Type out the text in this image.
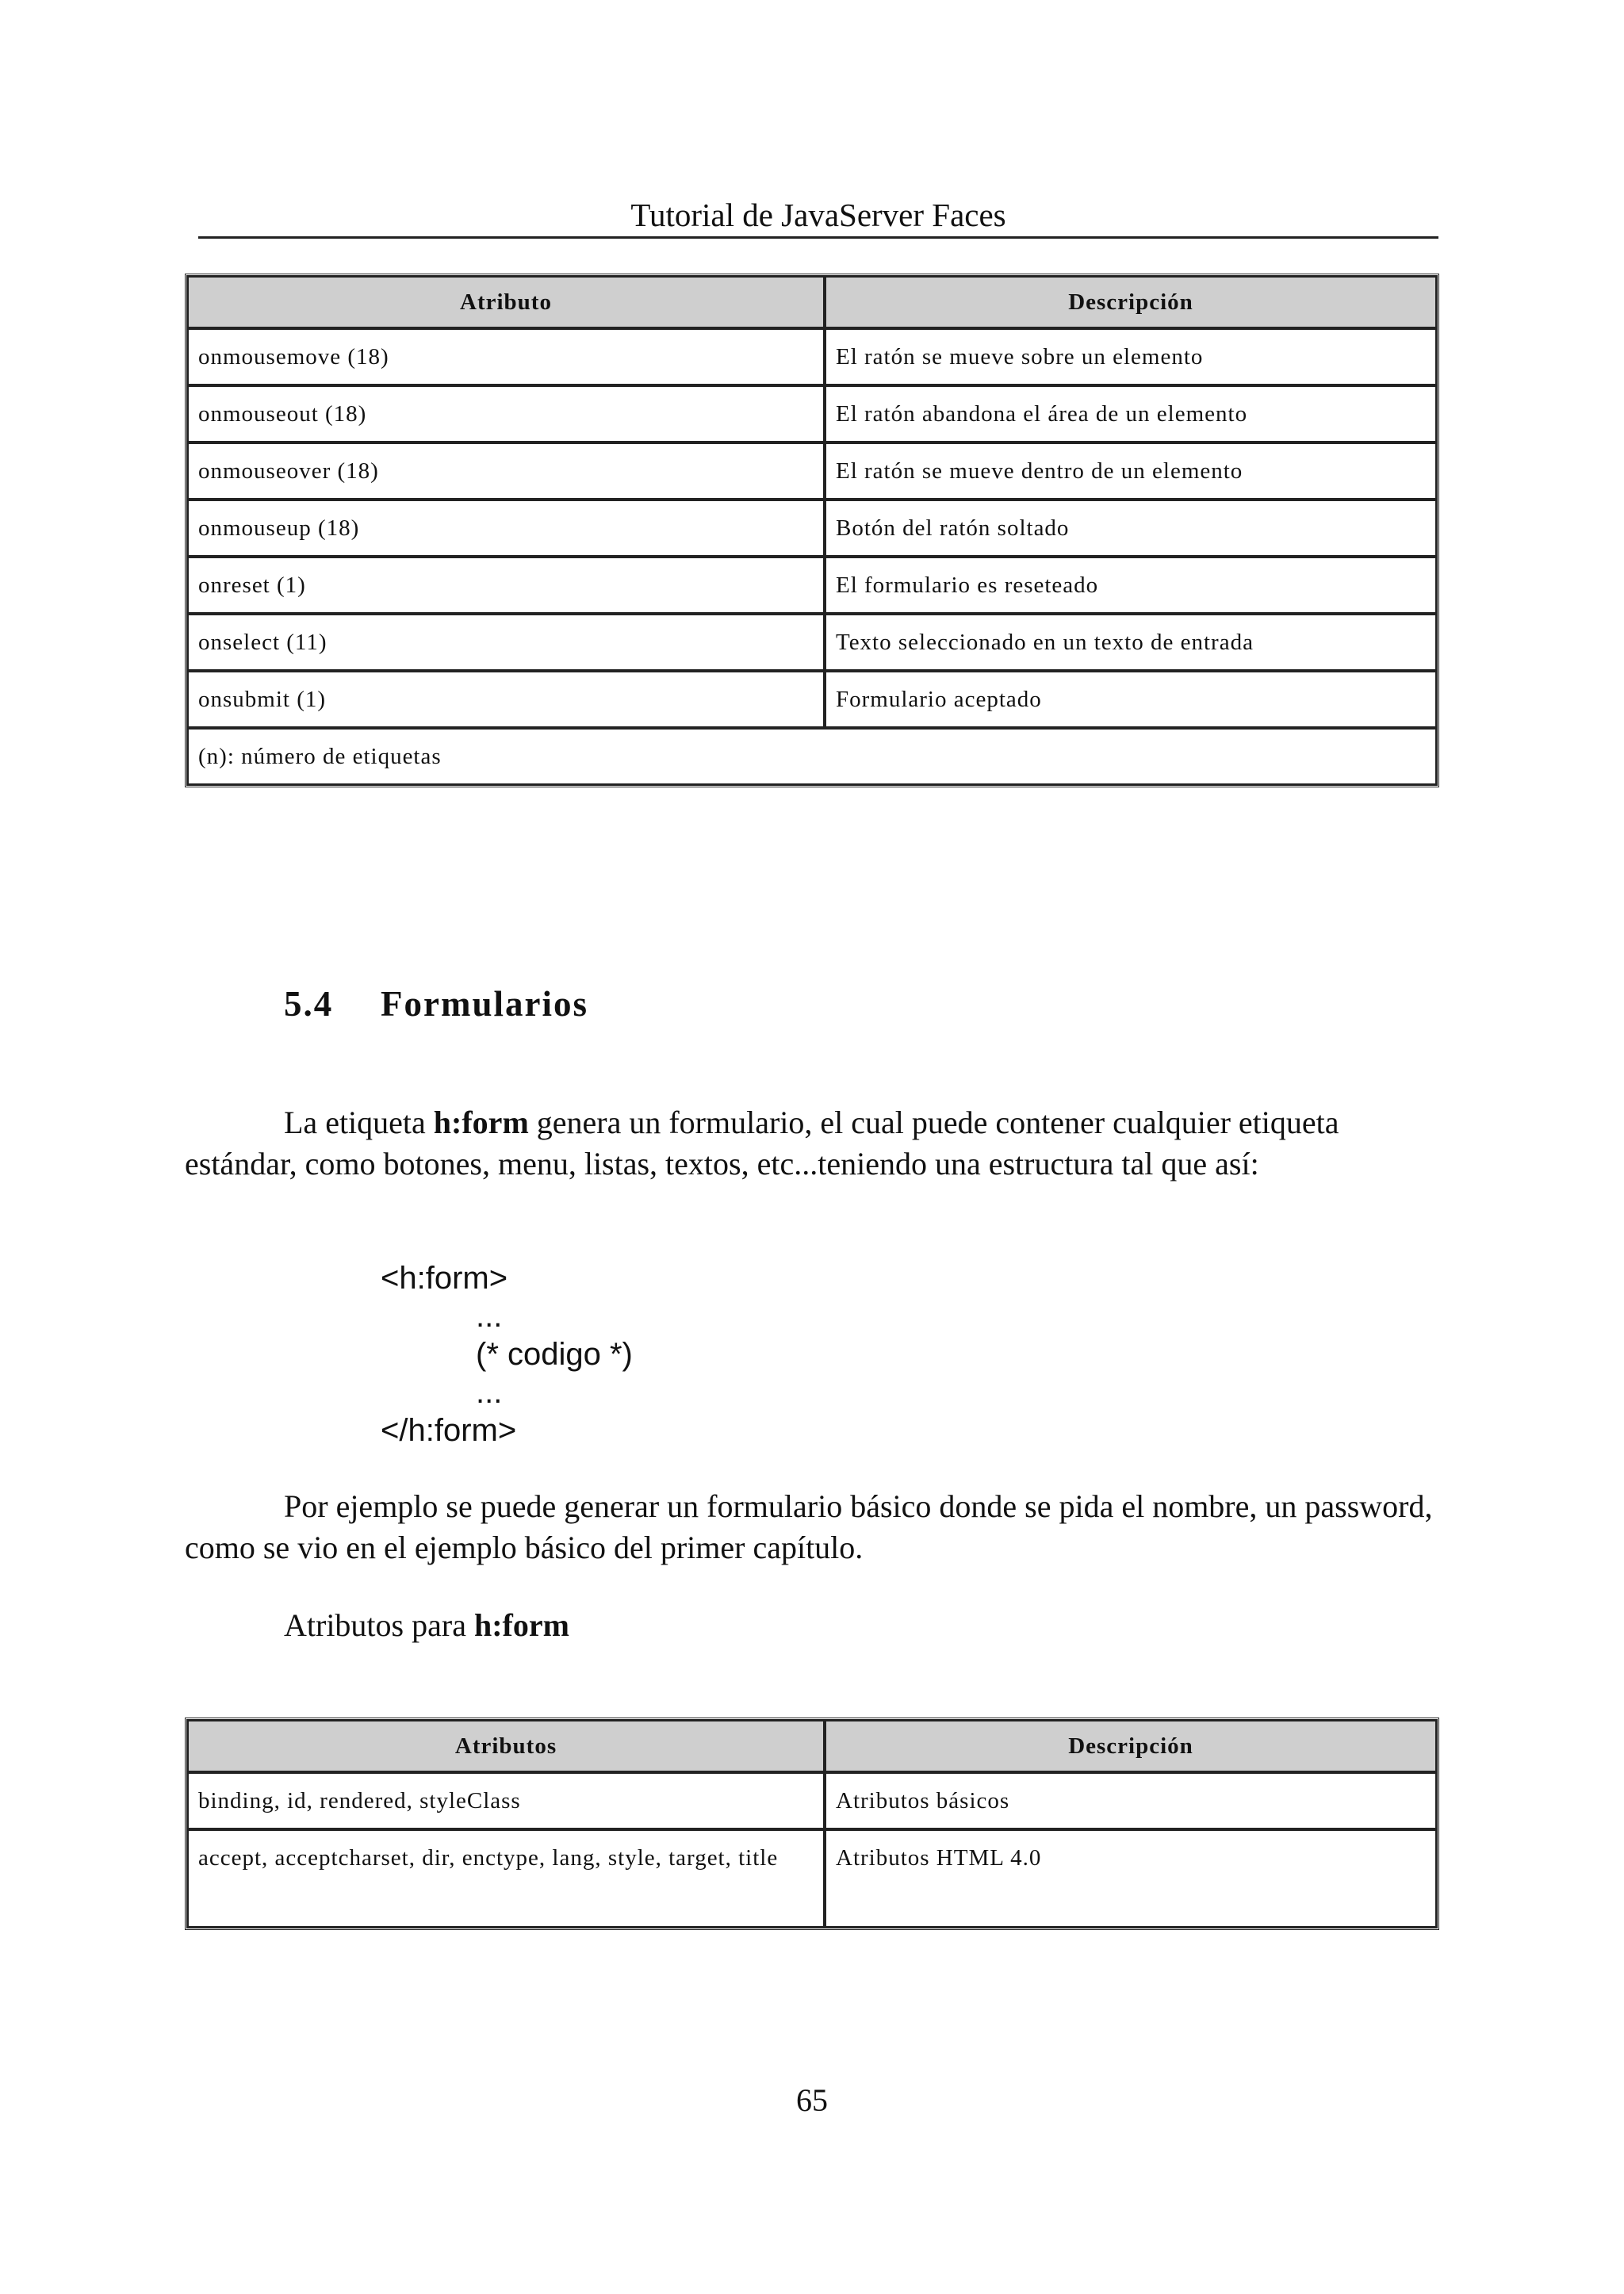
Tutorial de JavaServer Faces
Atributo	Descripción
onmousemove (18)	El ratón se mueve sobre un elemento
onmouseout (18)	El ratón abandona el área de un elemento
onmouseover (18)	El ratón se mueve dentro de un elemento
onmouseup (18)	Botón del ratón soltado
onreset (1)	El formulario es reseteado
onselect (11)	Texto seleccionado en un texto de entrada
onsubmit (1)	Formulario aceptado
(n): número de etiquetas	
5.4 Formularios
La etiqueta h:form genera un formulario, el cual puede contener cualquier etiqueta estándar, como botones, menu, listas, textos, etc...teniendo una estructura tal que así:
<h:form>
...
(* codigo *)
...
</h:form>
Por ejemplo se puede generar un formulario básico donde se pida el nombre, un password, como se vio en el ejemplo básico del primer capítulo.
Atributos para h:form
Atributos	Descripción
binding, id, rendered, styleClass	Atributos básicos
accept, acceptcharset, dir, enctype, lang, style, target, title	Atributos HTML 4.0
65
